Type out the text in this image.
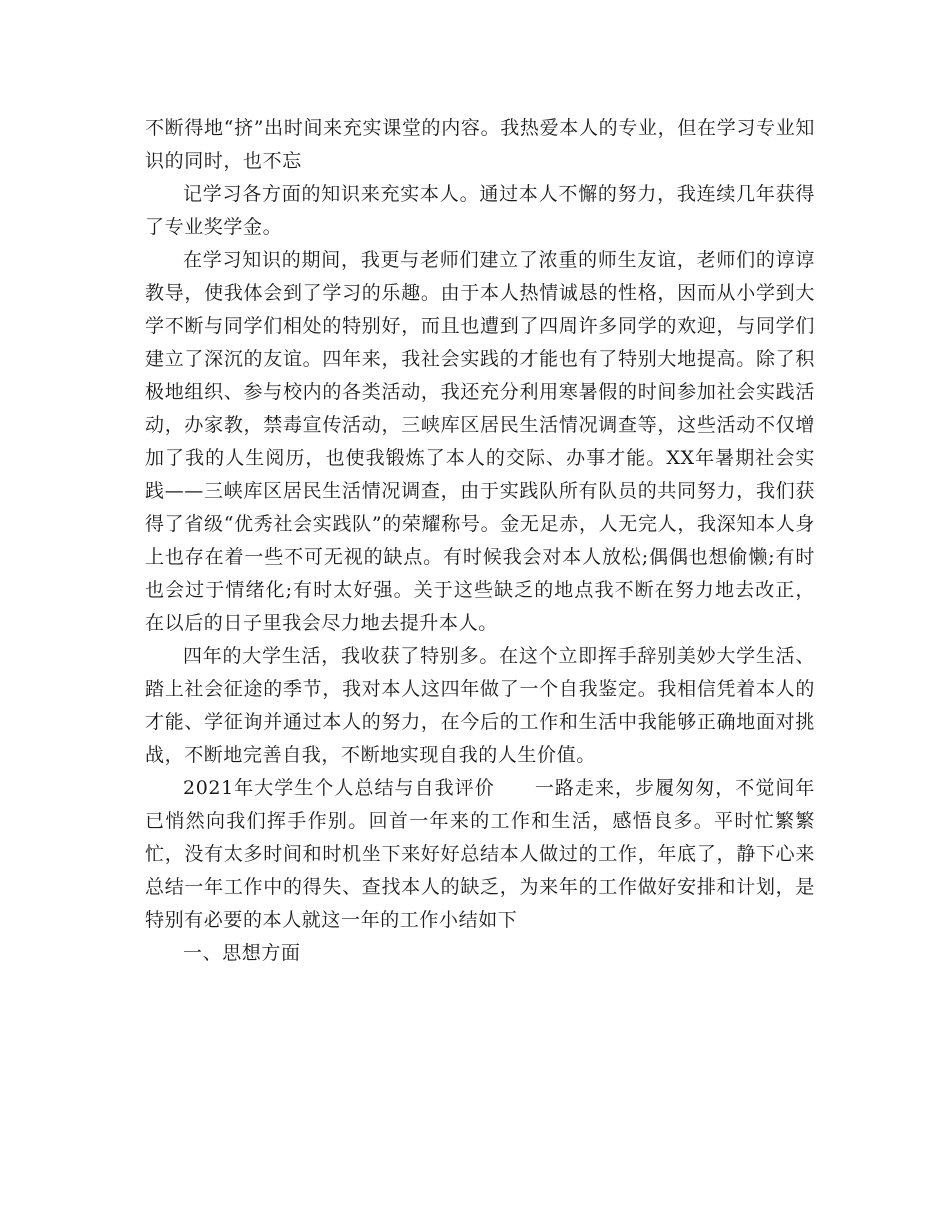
不断得地“挤”出时间来充实课堂的内容。我热爱本人的专业，但在学习专业知识的同时，也不忘

记学习各方面的知识来充实本人。通过本人不懈的努力，我连续几年获得了专业奖学金。

在学习知识的期间，我更与老师们建立了浓重的师生友谊，老师们的谆谆教导，使我体会到了学习的乐趣。由于本人热情诚恳的性格，因而从小学到大学不断与同学们相处的特别好，而且也遭到了四周许多同学的欢迎，与同学们建立了深沉的友谊。四年来，我社会实践的才能也有了特别大地提高。除了积极地组织、参与校内的各类活动，我还充分利用寒暑假的时间参加社会实践活动，办家教，禁毒宣传活动，三峡库区居民生活情况调查等，这些活动不仅增加了我的人生阅历，也使我锻炼了本人的交际、办事才能。XX年暑期社会实践——三峡库区居民生活情况调查，由于实践队所有队员的共同努力，我们获得了省级“优秀社会实践队”的荣耀称号。金无足赤，人无完人，我深知本人身上也存在着一些不可无视的缺点。有时候我会对本人放松;偶偶也想偷懒;有时也会过于情绪化;有时太好强。关于这些缺乏的地点我不断在努力地去改正，在以后的日子里我会尽力地去提升本人。

四年的大学生活，我收获了特别多。在这个立即挥手辞别美妙大学生活、踏上社会征途的季节，我对本人这四年做了一个自我鉴定。我相信凭着本人的才能、学征询并通过本人的努力，在今后的工作和生活中我能够正确地面对挑战，不断地完善自我，不断地实现自我的人生价值。

2021年大学生个人总结与自我评价　　一路走来，步履匆匆，不觉间年已悄然向我们挥手作别。回首一年来的工作和生活，感悟良多。平时忙繁繁忙，没有太多时间和时机坐下来好好总结本人做过的工作，年底了，静下心来总结一年工作中的得失、查找本人的缺乏，为来年的工作做好安排和计划，是特别有必要的本人就这一年的工作小结如下

一、思想方面
